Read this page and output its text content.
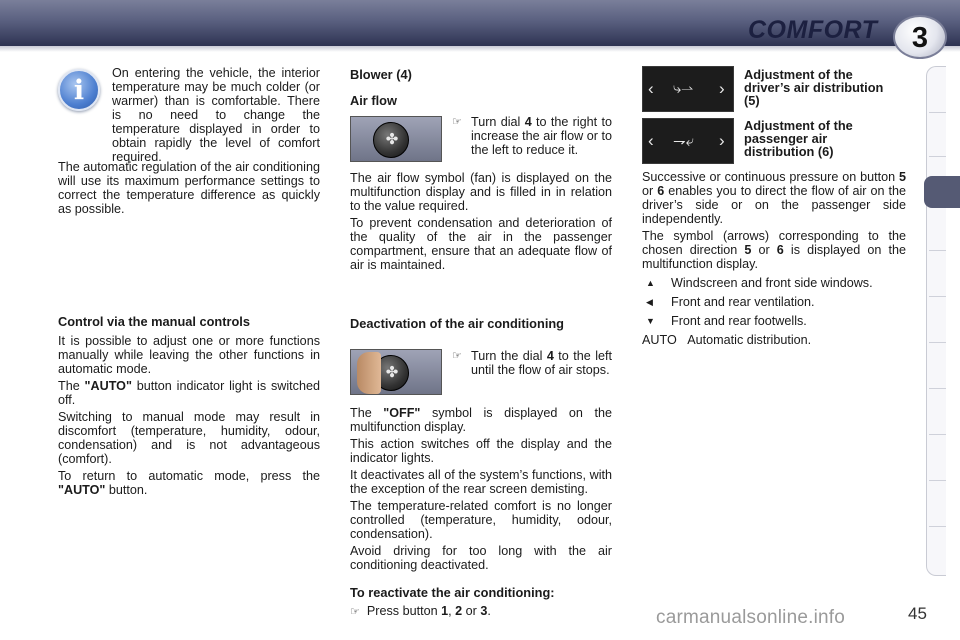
COMFORT	3
i

On entering the vehicle, the interior temperature may be much colder (or warmer) than is comfortable. There is no need to change the temperature displayed in order to obtain rapidly the level of comfort required.

The automatic regulation of the air conditioning will use its maximum performance settings to correct the temperature difference as quickly as possible.

Control via the manual controls

It is possible to adjust one or more functions manually while leaving the other functions in automatic mode.

The "AUTO" button indicator light is switched off.

Switching to manual mode may result in discomfort (temperature, humidity, odour, condensation) and is not advantageous (comfort).

To return to automatic mode, press the "AUTO" button.

Blower (4)

Air flow

✤
☞ Turn dial 4 to the right to increase the air flow or to the left to reduce it.

The air flow symbol (fan) is displayed on the multifunction display and is filled in in relation to the value required.

To prevent condensation and deterioration of the quality of the air in the passenger compartment, ensure that an adequate flow of air is maintained.

Deactivation of the air conditioning

✤
☞ Turn the dial 4 to the left until the flow of air stops.

The "OFF" symbol is displayed on the multifunction display.

This action switches off the display and the indicator lights.

It deactivates all of the system’s functions, with the exception of the rear screen demisting.

The temperature-related comfort is no longer controlled (temperature, humidity, odour, condensation).

Avoid driving for too long with the air conditioning deactivated.

To reactivate the air conditioning:

☞ Press button 1, 2 or 3.

‹ ⤷⇀ ›
Adjustment of the driver’s air distribution (5)
‹ ⇁⤶ ›
Adjustment of the passenger air distribution (6)

Successive or continuous pressure on button 5 or 6 enables you to direct the flow of air on the driver’s side or on the passenger side independently.

The symbol (arrows) corresponding to the chosen direction 5 or 6 is displayed on the multifunction display.

▲ Windscreen and front side windows.
◀ Front and rear ventilation.
▼ Front and rear footwells.
AUTO Automatic distribution.
carmanualsonline.info	45
